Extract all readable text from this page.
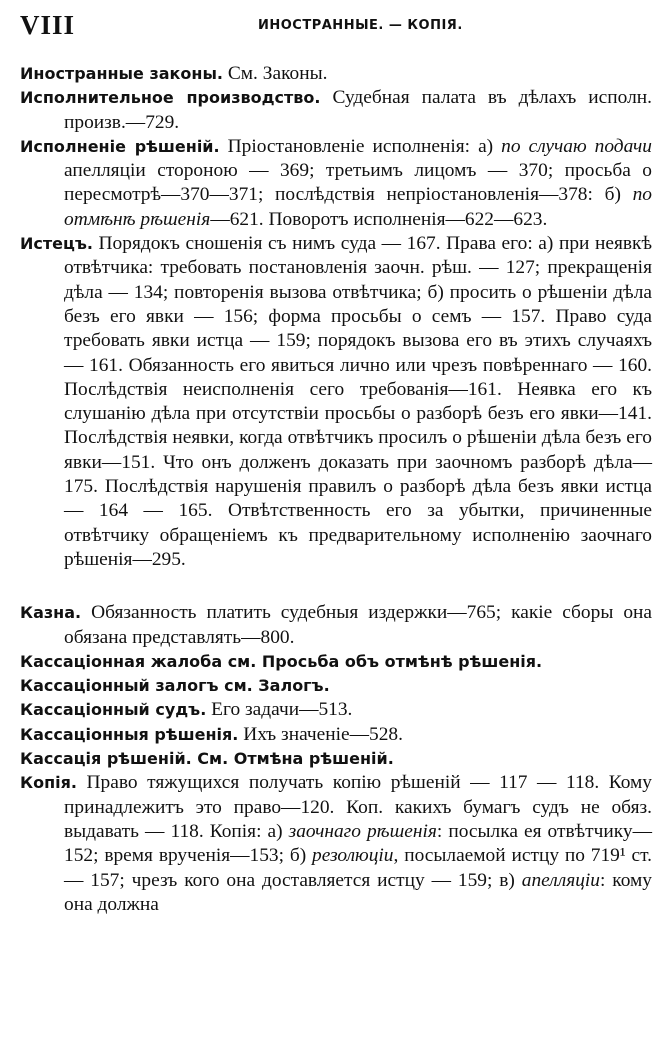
VIII	ИНОСТРАННЫЕ. — КОПІЯ.

Иностранные законы. См. Законы.

Исполнительное производство. Судебная палата въ дѣлахъ исполн. произв.—729.

Исполненіе рѣшеній. Пріостановленіе исполненія: а) по случаю подачи апелляціи стороною — 369; третьимъ лицомъ — 370; просьба о пересмотрѣ—370—371; послѣдствія непріостановленія—378: б) по отмѣнѣ рѣшенія—621. Поворотъ исполненія—622—623.

Истецъ. Порядокъ сношенія съ нимъ суда — 167. Права его: а) при неявкѣ отвѣтчика: требовать постановленія заочн. рѣш. — 127; прекращенія дѣла — 134; повторенія вызова отвѣтчика; б) просить о рѣшеніи дѣла безъ его явки — 156; форма просьбы о семъ — 157. Право суда требовать явки истца — 159; порядокъ вызова его въ этихъ случаяхъ — 161. Обязанность его явиться лично или чрезъ повѣреннаго — 160. Послѣдствія неисполненія сего требованія—161. Неявка его къ слушанію дѣла при отсутствіи просьбы о разборѣ безъ его явки—141. Послѣдствія неявки, когда отвѣтчикъ просилъ о рѣшеніи дѣла безъ его явки—151. Что онъ долженъ доказать при заочномъ разборѣ дѣла—175. Послѣдствія нарушенія правилъ о разборѣ дѣла безъ явки истца — 164 — 165. Отвѣтственность его за убытки, причиненные отвѣтчику обращеніемъ къ предварительному исполненію заочнаго рѣшенія—295.

Казна. Обязанность платить судебныя издержки—765; какіе сборы она обязана представлять—800.

Кассаціонная жалоба см. Просьба объ отмѣнѣ рѣшенія.

Кассаціонный залогъ см. Залогъ.

Кассаціонный судъ. Его задачи—513.

Кассаціонныя рѣшенія. Ихъ значеніе—528.

Кассація рѣшеній. См. Отмѣна рѣшеній.

Копія. Право тяжущихся получать копію рѣшеній — 117 — 118. Кому принадлежитъ это право—120. Коп. какихъ бумагъ судъ не обяз. выдавать — 118. Копія: а) заочнаго рѣшенія: посылка ея отвѣтчику—152; время врученія—153; б) резолюціи, посылаемой истцу по 719¹ ст. — 157; чрезъ кого она доставляется истцу — 159; в) апелляціи: кому она должна
